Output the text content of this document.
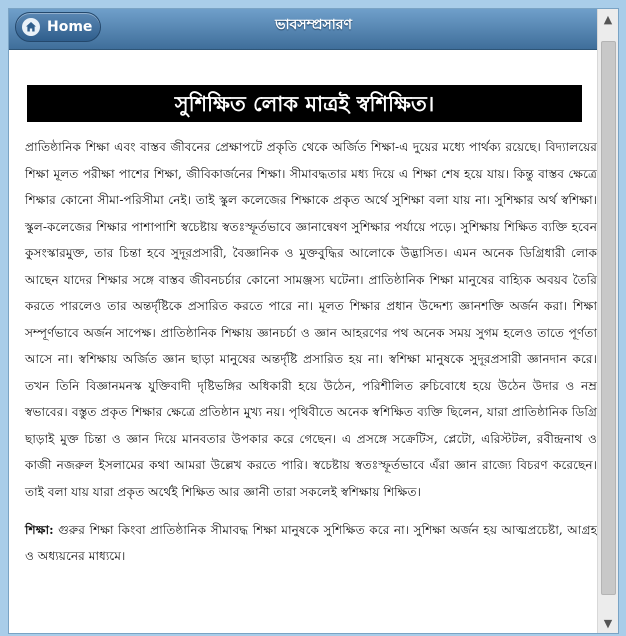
ভাবসম্প্রসারণ
Home
সুশিক্ষিত লোক মাত্রই স্বশিক্ষিত।
প্রাতিষ্ঠানিক শিক্ষা এবং বাস্তব জীবনের প্রেক্ষাপটে প্রকৃতি থেকে অর্জিত শিক্ষা-এ দুয়ের মধ্যে পার্থক্য রয়েছে। বিদ্যালয়ের শিক্ষা মূলত পরীক্ষা পাশের শিক্ষা, জীবিকার্জনের শিক্ষা। সীমাবদ্ধতার মধ্য দিয়ে এ শিক্ষা শেষ হয়ে যায়। কিন্তু বাস্তব ক্ষেত্রে শিক্ষার কোনো সীমা-পরিসীমা নেই। তাই স্কুল কলেজের শিক্ষাকে প্রকৃত অর্থে সুশিক্ষা বলা যায় না। সুশিক্ষার অর্থ স্বশিক্ষা। স্কুল-কলেজের শিক্ষার পাশাপাশি স্বচেষ্টায় স্বতঃস্ফূর্তভাবে জ্ঞানান্বেষণ সুশিক্ষার পর্যায়ে পড়ে। সুশিক্ষায় শিক্ষিত ব্যক্তি হবেন কুসংস্কারমুক্ত, তার চিন্তা হবে সুদূরপ্রসারী, বৈজ্ঞানিক ও মুক্তবুদ্ধির আলোকে উদ্ভাসিত। এমন অনেক ডিগ্রিধারী লোক আছেন যাদের শিক্ষার সঙ্গে বাস্তব জীবনচর্চার কোনো সামঞ্জস্য ঘটেনা। প্রাতিষ্ঠানিক শিক্ষা মানুষের বাহ্যিক অবয়ব তৈরি করতে পারলেও তার অন্তর্দৃষ্টিকে প্রসারিত করতে পারে না। মূলত শিক্ষার প্রধান উদ্দেশ্য জ্ঞানশক্তি অর্জন করা। শিক্ষা সম্পূর্ণভাবে অর্জন সাপেক্ষ। প্রাতিষ্ঠানিক শিক্ষায় জ্ঞানচর্চা ও জ্ঞান আহরণের পথ অনেক সময় সুগম হলেও তাতে পূর্ণতা আসে না। স্বশিক্ষায় অর্জিত জ্ঞান ছাড়া মানুষের অন্তর্দৃষ্টি প্রসারিত হয় না। স্বশিক্ষা মানুষকে সুদূরপ্রসারী জ্ঞানদান করে। তখন তিনি বিজ্ঞানমনস্ক যুক্তিবাদী দৃষ্টিভঙ্গির অধিকারী হয়ে উঠেন, পরিশীলিত রুচিবোধে হয়ে উঠেন উদার ও নম্র স্বভাবের। বস্তুত প্রকৃত শিক্ষার ক্ষেত্রে প্রতিষ্ঠান মুখ্য নয়। পৃথিবীতে অনেক স্বশিক্ষিত ব্যক্তি ছিলেন, যারা প্রাতিষ্ঠানিক ডিগ্রি ছাড়াই মুক্ত চিন্তা ও জ্ঞান দিয়ে মানবতার উপকার করে গেছেন। এ প্রসঙ্গে সক্রেটিস, প্লেটো, এরিস্টটল, রবীন্দ্রনাথ ও কাজী নজরুল ইসলামের কথা আমরা উল্লেখ করতে পারি। স্বচেষ্টায় স্বতঃস্ফূর্তভাবে এঁরা জ্ঞান রাজ্যে বিচরণ করেছেন। তাই বলা যায় যারা প্রকৃত অর্থেই শিক্ষিত আর জ্ঞানী তারা সকলেই স্বশিক্ষায় শিক্ষিত।
শিক্ষা: গুরুর শিক্ষা কিংবা প্রাতিষ্ঠানিক সীমাবদ্ধ শিক্ষা মানুষকে সুশিক্ষিত করে না। সুশিক্ষা অর্জন হয় আত্মপ্রচেষ্টা, আগ্রহ ও অধ্যয়নের মাধ্যমে।
▲
▼
